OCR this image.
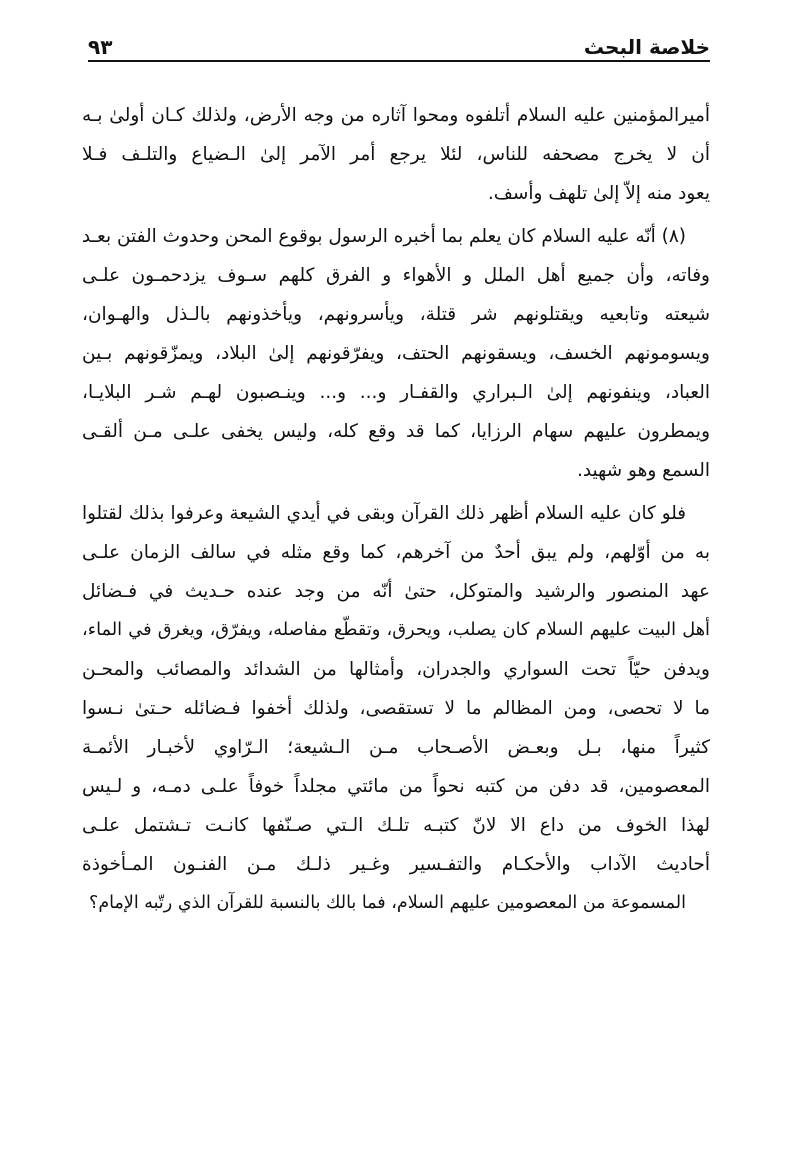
خلاصة البحث
٩٣
أميرالمؤمنين عليه السلام أتلفوه ومحوا آثاره من وجه الأرض، ولذلك كـان أولىٰ بـه
أن لا يخرج مصحفه للناس، لئلا يرجع أمر الآمر إلىٰ الـضياع والتلـف فـلا
يعود منه إلاّ إلىٰ تلهف وأسف.
(٨) أنّه عليه السلام كان يعلم بما أخبره الرسول بوقوع المحن وحدوث الفتن بعـد
وفاته، وأن جميع أهل الملل و الأهواء و الفرق كلهم سـوف يزدحمـون علـى
شيعته وتابعيه ويقتلونهم شر قتلة، ويأسرونهم، ويأخذونهم بالـذل والهـوان،
ويسومونهم الخسف، ويسقونهم الحتف، ويفرّقونهم إلىٰ البلاد، ويمزّقونهم بـين
العباد، وينفونهم إلىٰ الـبراري والقفـار و... و... وينـصبون لهـم شـر البلايـا،
ويمطرون عليهم سهام الرزايا، كما قد وقع كله، وليس يخفى علـى مـن ألقـى
السمع وهو شهيد.
فلو كان عليه السلام أظهر ذلك القرآن وبقى في أيدي الشيعة وعرفوا بذلك لقتلوا
به من أوّلهم، ولم يبق أحدٌ من آخرهم، كما وقع مثله في سالف الزمان علـى
عهد المنصور والرشيد والمتوكل، حتىٰ أنّه من وجد عنده حـديث في فـضائل
أهل البيت عليهم السلام كان يصلب، ويحرق، وتقطّع مفاصله، ويفرّق، ويغرق في الماء،
ويدفن حيّاً تحت السواري والجدران، وأمثالها من الشدائد والمصائب والمحـن
ما لا تحصى، ومن المظالم ما لا تستقصى، ولذلك أخفوا فـضائله حـتىٰ نـسوا
كثيراً منها، بـل وبعـض الأصـحاب مـن الـشيعة؛ الـرّاوي لأخبـار الأئمـة
المعصومين، قد دفن من كتبه نحواً من مائتي مجلداً خوفاً علـى دمـه، و لـيس
لهذا الخوف من داع الا لانّ كتبـه تلـك الـتي صـنّفها كانـت تـشتمل علـى
أحاديث الآداب والأحكـام والتفـسير وغـير ذلـك مـن الفنـون المـأخوذة
المسموعة من المعصومين عليهم السلام، فما بالك بالنسبة للقرآن الذي رتّبه الإمام؟
